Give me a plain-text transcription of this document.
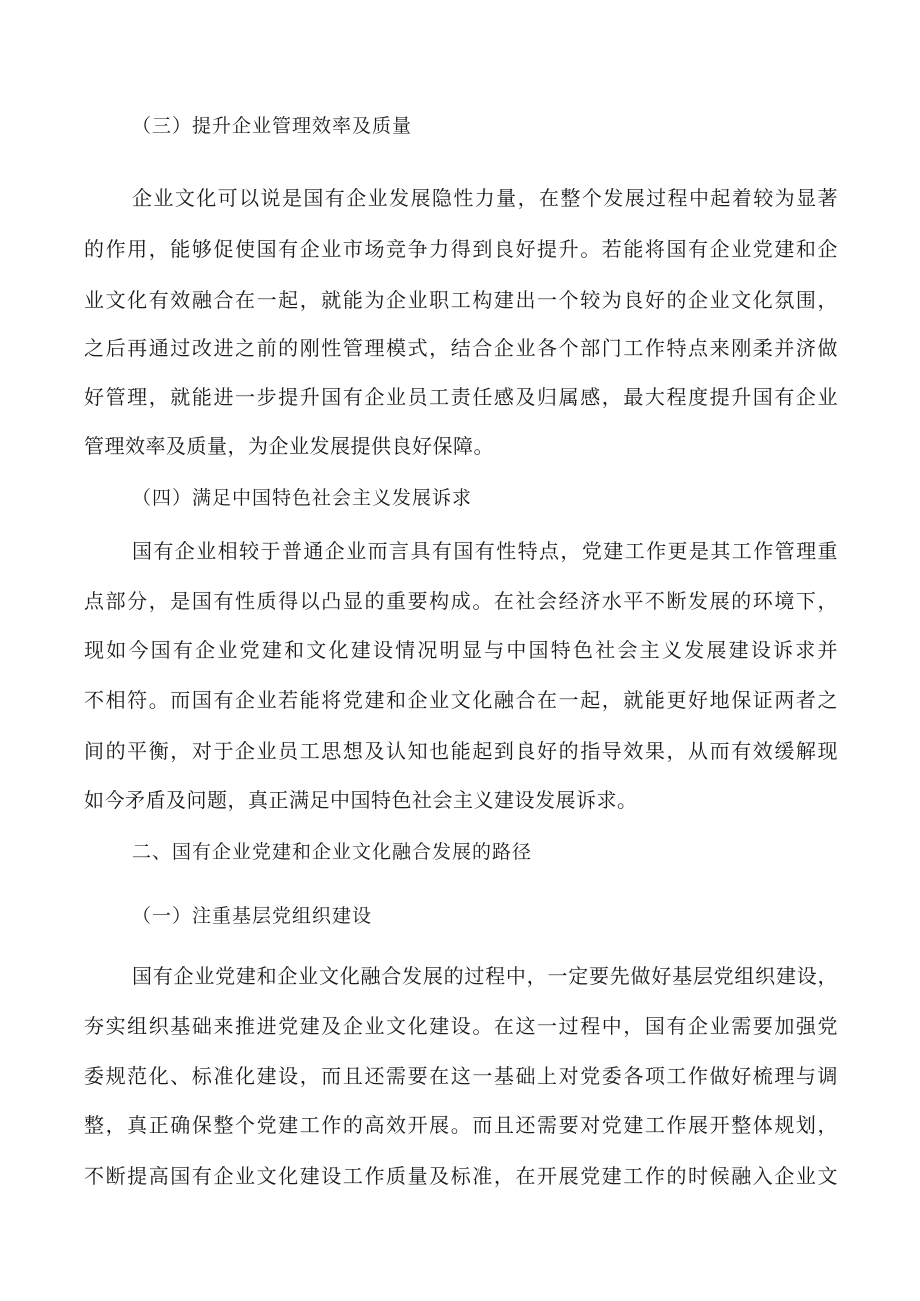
（三）提升企业管理效率及质量
企业文化可以说是国有企业发展隐性力量，在整个发展过程中起着较为显著
的作用，能够促使国有企业市场竞争力得到良好提升。若能将国有企业党建和企
业文化有效融合在一起，就能为企业职工构建出一个较为良好的企业文化氛围，
之后再通过改进之前的刚性管理模式，结合企业各个部门工作特点来刚柔并济做
好管理，就能进一步提升国有企业员工责任感及归属感，最大程度提升国有企业
管理效率及质量，为企业发展提供良好保障。
（四）满足中国特色社会主义发展诉求
国有企业相较于普通企业而言具有国有性特点，党建工作更是其工作管理重
点部分，是国有性质得以凸显的重要构成。在社会经济水平不断发展的环境下，
现如今国有企业党建和文化建设情况明显与中国特色社会主义发展建设诉求并
不相符。而国有企业若能将党建和企业文化融合在一起，就能更好地保证两者之
间的平衡，对于企业员工思想及认知也能起到良好的指导效果，从而有效缓解现
如今矛盾及问题，真正满足中国特色社会主义建设发展诉求。
二、国有企业党建和企业文化融合发展的路径
（一）注重基层党组织建设
国有企业党建和企业文化融合发展的过程中，一定要先做好基层党组织建设，
夯实组织基础来推进党建及企业文化建设。在这一过程中，国有企业需要加强党
委规范化、标准化建设，而且还需要在这一基础上对党委各项工作做好梳理与调
整，真正确保整个党建工作的高效开展。而且还需要对党建工作展开整体规划，
不断提高国有企业文化建设工作质量及标准，在开展党建工作的时候融入企业文
